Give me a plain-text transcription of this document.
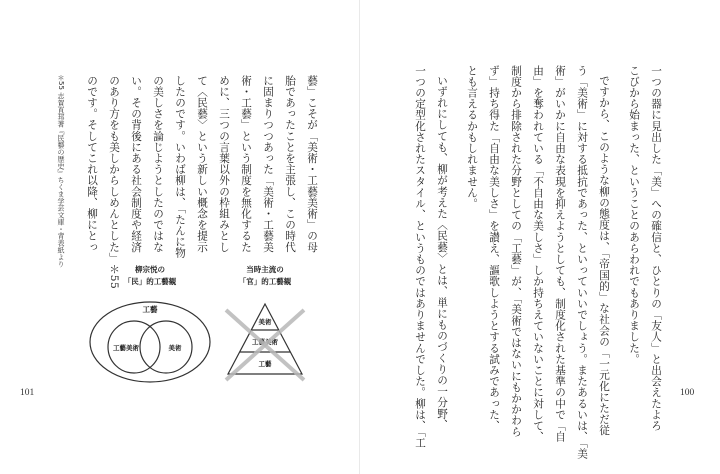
＊55 志賀直邦著『民藝の歴史』ちくま学芸文庫・背表紙より	藝」こそが「美術・工藝美術」の母
胎であったことを主張し、この時代
に固まりつつあった「美術・工藝美
術・工藝」という制度を無化するた
めに、三つの言葉以外の枠組みとし
て〈民藝〉という新しい概念を提示
したのです。いわば柳は、「たんに物
の美しさを論じようとしたのではな
い。その背後にある社会制度や経済
のあり方をも美しからしめんとした」＊55
のです。そしてこれ以降、柳にとっ
柳宗悦の
「民」的工藝観
工藝
工藝美術	美術
当時主流の
「官」的工藝観
美術
工藝美術
工藝
101	一つの器に見出した「美」への確信と、ひとりの「友人」と出会えたよろ
こびから始まった、ということのあらわれでもありました。
ですから、このような柳の態度は、「帝国的」な社会の「一元化にただ従
う「美術」に対する抵抗であった、といっていいでしょう。またあるいは、「美
術」がいかに自由な表現を抑えようとしても、制度化された基準の中で「自
由」を奪われている「不自由な美しさ」しか持ちえていないことに対して、
制度から排除された分野としての「工藝」が、「美術ではないにもかかわら
ず」持ち得た「自由な美しさ」を讃え、謳歌しようとする試みであった、
とも言えるかもしれません。
いずれにしても、柳が考えた〈民藝〉とは、単にものづくりの一分野、
一つの定型化されたスタイル、というものではありませんでした。柳は、「工	100
